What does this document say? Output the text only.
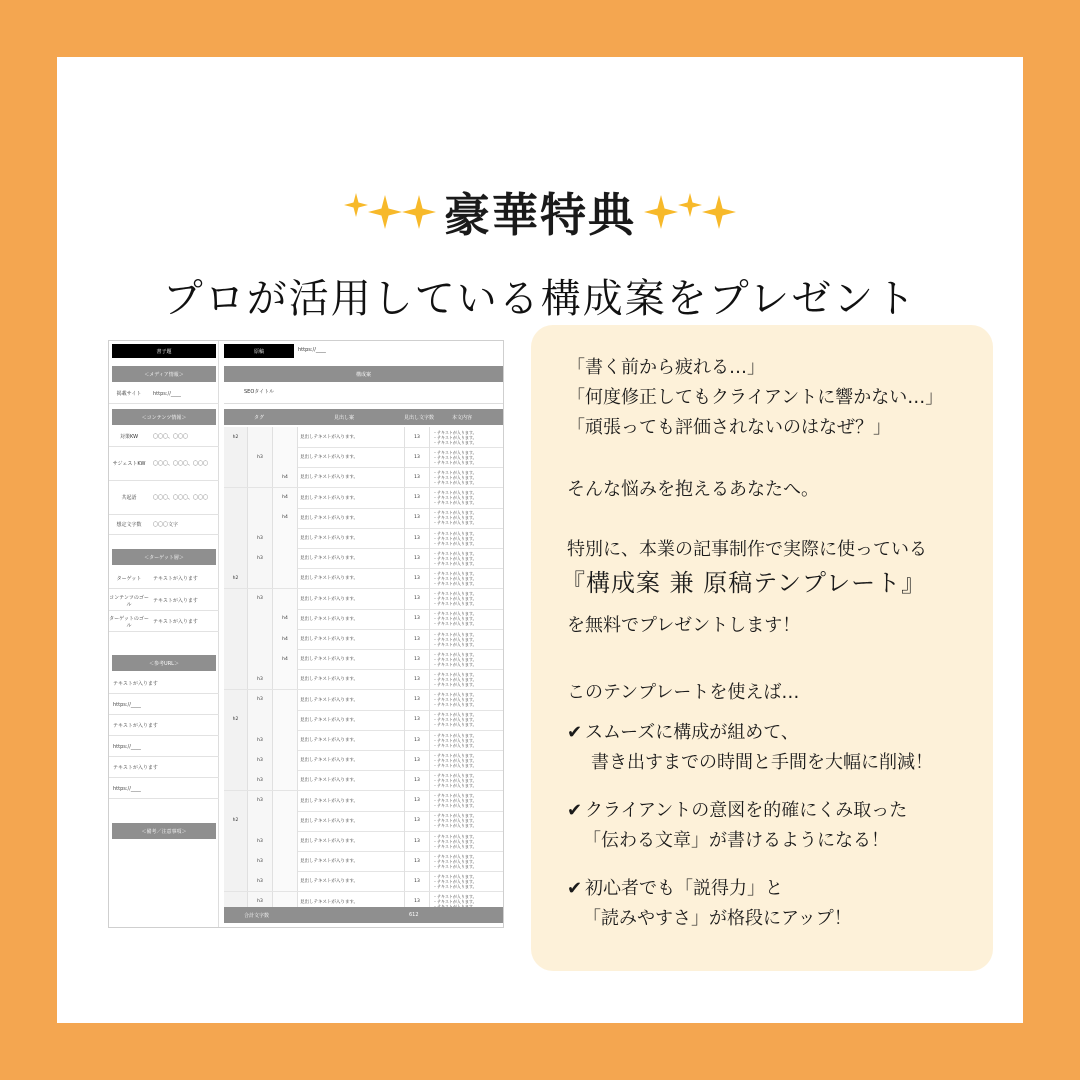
豪華特典
プロが活用している構成案をプレゼント
書子題
＜メディア情報＞
掲載サイト	https://____
＜コンテンツ情報＞
対策KW	〇〇〇、〇〇〇
サジェストKW	〇〇〇、〇〇〇、〇〇〇
共起語	〇〇〇、〇〇〇、〇〇〇
想定文字数	〇〇〇文字
＜ターゲット層＞
ターゲット	テキストが入ります
コンテンツのゴール
テキストが入ります
ターゲットのゴール
テキストが入ります
＜参考URL＞
テキストが入ります
https://____
テキストが入ります
https://____
テキストが入ります
https://____
＜備考／注意事項＞
原稿	https://____
構成案
SEOタイトル
タグ	見出し案	見出し文字数	本文内容
h2	見出しテキストが入ります。	13
・テキストが入ります。
・テキストが入ります。
・テキストが入ります。
h3	見出しテキストが入ります。	13
・テキストが入ります。
・テキストが入ります。
・テキストが入ります。
h4	見出しテキストが入ります。	13
・テキストが入ります。
・テキストが入ります。
・テキストが入ります。
h4	見出しテキストが入ります。	13
・テキストが入ります。
・テキストが入ります。
・テキストが入ります。
h4	見出しテキストが入ります。	13
・テキストが入ります。
・テキストが入ります。
・テキストが入ります。
h3	見出しテキストが入ります。	13
・テキストが入ります。
・テキストが入ります。
・テキストが入ります。
h3	見出しテキストが入ります。	13
・テキストが入ります。
・テキストが入ります。
・テキストが入ります。
h2	見出しテキストが入ります。	13
・テキストが入ります。
・テキストが入ります。
・テキストが入ります。
h3	見出しテキストが入ります。	13
・テキストが入ります。
・テキストが入ります。
・テキストが入ります。
h4	見出しテキストが入ります。	13
・テキストが入ります。
・テキストが入ります。
・テキストが入ります。
h4	見出しテキストが入ります。	13
・テキストが入ります。
・テキストが入ります。
・テキストが入ります。
h4	見出しテキストが入ります。	13
・テキストが入ります。
・テキストが入ります。
・テキストが入ります。
h3	見出しテキストが入ります。	13
・テキストが入ります。
・テキストが入ります。
・テキストが入ります。
h3	見出しテキストが入ります。	13
・テキストが入ります。
・テキストが入ります。
・テキストが入ります。
h2	見出しテキストが入ります。	13
・テキストが入ります。
・テキストが入ります。
・テキストが入ります。
h3	見出しテキストが入ります。	13
・テキストが入ります。
・テキストが入ります。
・テキストが入ります。
h3	見出しテキストが入ります。	13
・テキストが入ります。
・テキストが入ります。
・テキストが入ります。
h3	見出しテキストが入ります。	13
・テキストが入ります。
・テキストが入ります。
・テキストが入ります。
h3	見出しテキストが入ります。	13
・テキストが入ります。
・テキストが入ります。
・テキストが入ります。
h2	見出しテキストが入ります。	13
・テキストが入ります。
・テキストが入ります。
・テキストが入ります。
h3	見出しテキストが入ります。	13
・テキストが入ります。
・テキストが入ります。
・テキストが入ります。
h3	見出しテキストが入ります。	13
・テキストが入ります。
・テキストが入ります。
・テキストが入ります。
h3	見出しテキストが入ります。	13
・テキストが入ります。
・テキストが入ります。
・テキストが入ります。
h3	見出しテキストが入ります。	13
・テキストが入ります。
・テキストが入ります。
合計文字数	612

「書く前から疲れる…」

「何度修正してもクライアントに響かない…」

「頑張っても評価されないのはなぜ？」

そんな悩みを抱えるあなたへ。

特別に、本業の記事制作で実際に使っている

『構成案 兼 原稿テンプレート』

を無料でプレゼントします！

このテンプレートを使えば…

✔ スムーズに構成が組めて、

書き出すまでの時間と手間を大幅に削減！

✔ クライアントの意図を的確にくみ取った

「伝わる文章」が書けるようになる！

✔ 初心者でも「説得力」と

「読みやすさ」が格段にアップ！
